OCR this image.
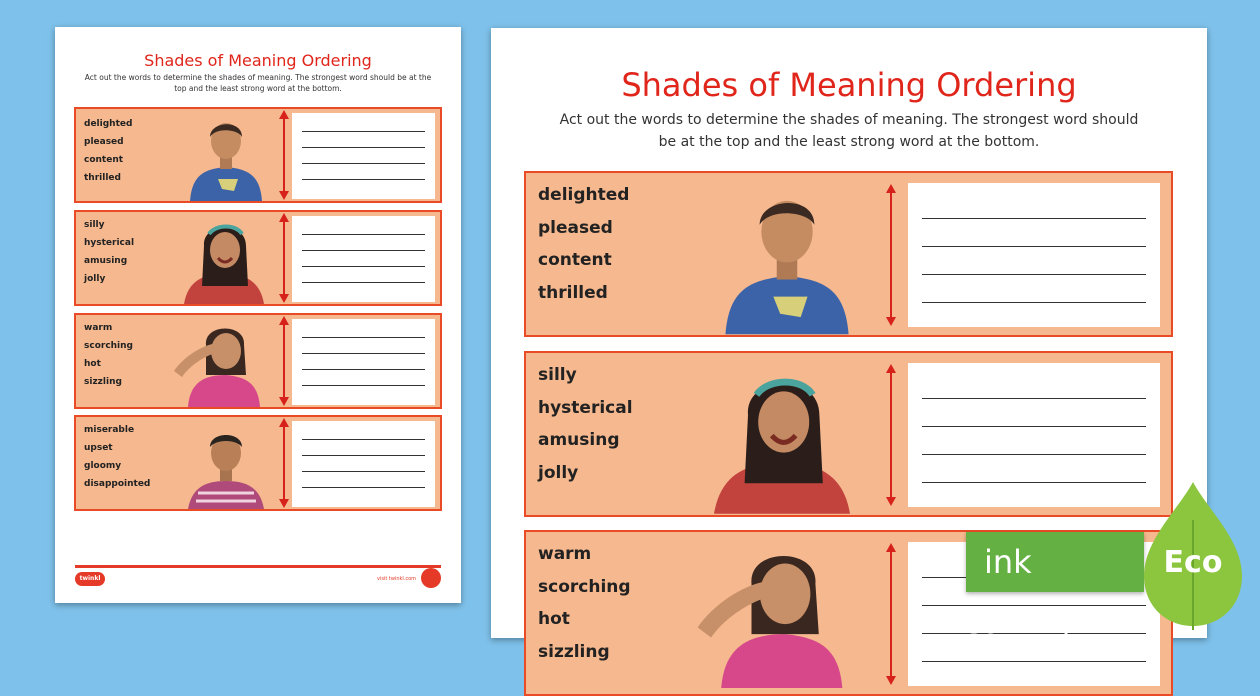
Shades of Meaning Ordering
Act out the words to determine the shades of meaning. The strongest word should be at the top and the least strong word at the bottom.
delighted
pleased
content
thrilled
silly
hysterical
amusing
jolly
warm
scorching
hot
sizzling
miserable
upset
gloomy
disappointed
twinkl	visit twinkl.com
Shades of Meaning Ordering
Act out the words to determine the shades of meaning. The strongest word should
be at the top and the least strong word at the bottom.
delighted
pleased
content
thrilled
silly
hysterical
amusing
jolly
warm
scorching
hot
sizzling
ink saving
Eco
